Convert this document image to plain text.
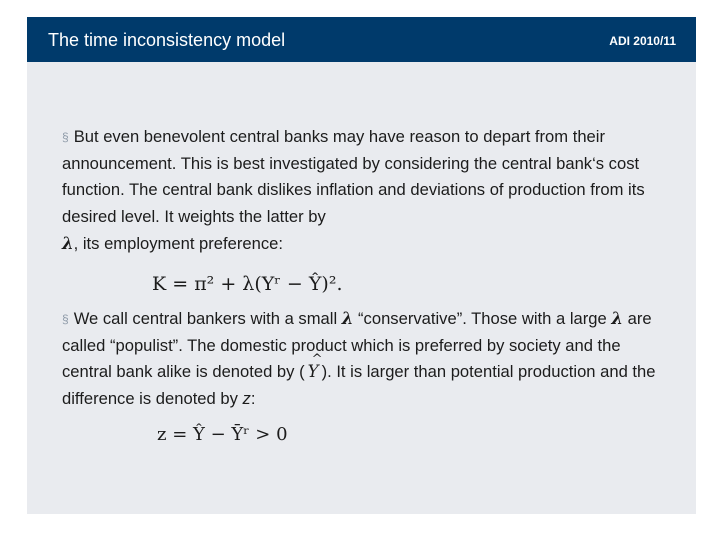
The time inconsistency model	ADI 2010/11

§ But even benevolent central banks may have reason to depart from their announcement. This is best investigated by considering the central bank‘s cost function. The central bank dislikes inflation and deviations of production from its desired level. It weights the latter by
λ, its employment preference:

K = π² + λ(Yʳ − Ŷ)².

§ We call central bankers with a small λ “conservative”. Those with a large λ are called “populist”. The domestic product which is preferred by society and the central bank alike is denoted by (
^
Y ). It is larger than potential production and the difference is denoted by z:

z = Ŷ − Ȳʳ > 0
